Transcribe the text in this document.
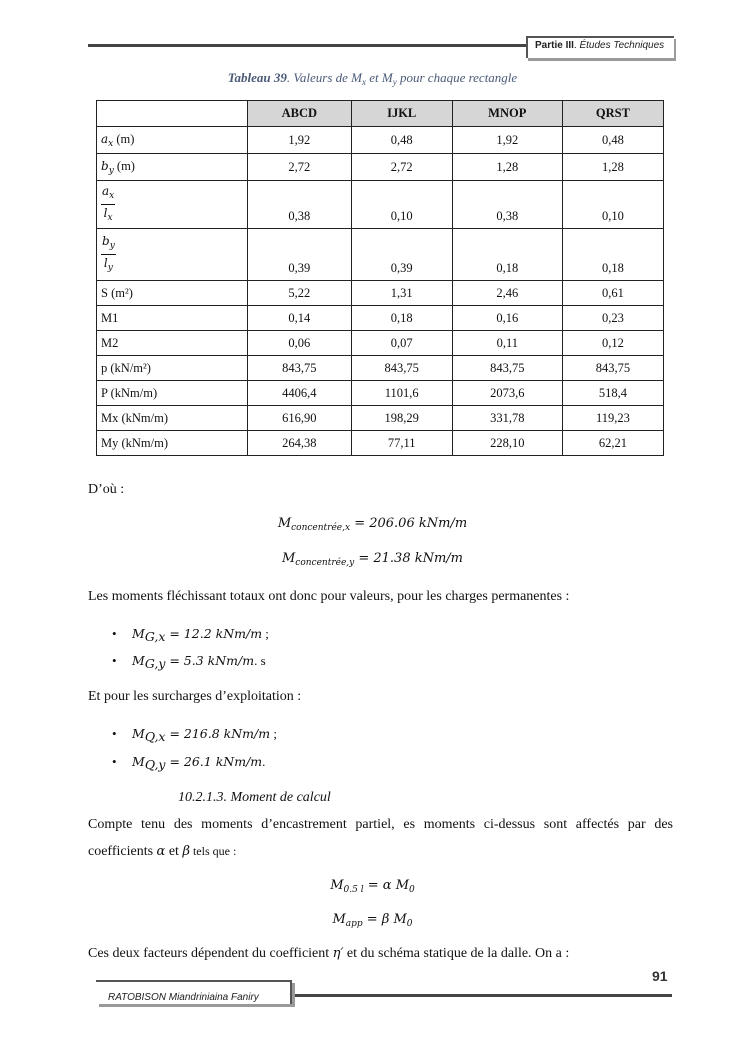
Partie III. Études Techniques
Tableau 39. Valeurs de $M_x$ et $M_y$ pour chaque rectangle
	ABCD	IJKL	MNOP	QRST
$a_x$ (m)	1,92	0,48	1,92	0,48
$b_y$ (m)	2,72	2,72	1,28	1,28

$\frac{a_x}{l_x}$	0,38	0,10	0,38	0,10

$\frac{b_y}{l_y}$	0,39	0,39	0,18	0,18
S (m²)	5,22	1,31	2,46	0,61
M1	0,14	0,18	0,16	0,23
M2	0,06	0,07	0,11	0,12
p (kN/m²)	843,75	843,75	843,75	843,75
P (kNm/m)	4406,4	1101,6	2073,6	518,4
Mx (kNm/m)	616,90	198,29	331,78	119,23
My (kNm/m)	264,38	77,11	228,10	62,21
D’où :
$M_{concentrée,x} = 206.06$ kNm/m
$M_{concentrée,y} = 21.38$ kNm/m
Les moments fléchissant totaux ont donc pour valeurs, pour les charges permanentes :
• MG,x = 12.2 kNm/m ;
• MG,y = 5.3 kNm/m. s
Et pour les surcharges d’exploitation :
• MQ,x = 216.8 kNm/m ;
• MQ,y = 26.1 kNm/m.
10.2.1.3. Moment de calcul
Compte tenu des moments d’encastrement partiel, es moments ci-dessus sont affectés par des
coefficients α et β tels que :
$M_{0.5 l} = \alpha$ $M_0$
$M_{app} = \beta$ $M_0$
Ces deux facteurs dépendent du coefficient η′ et du schéma statique de la dalle. On a :
91
RATOBISON Miandriniaina Faniry
